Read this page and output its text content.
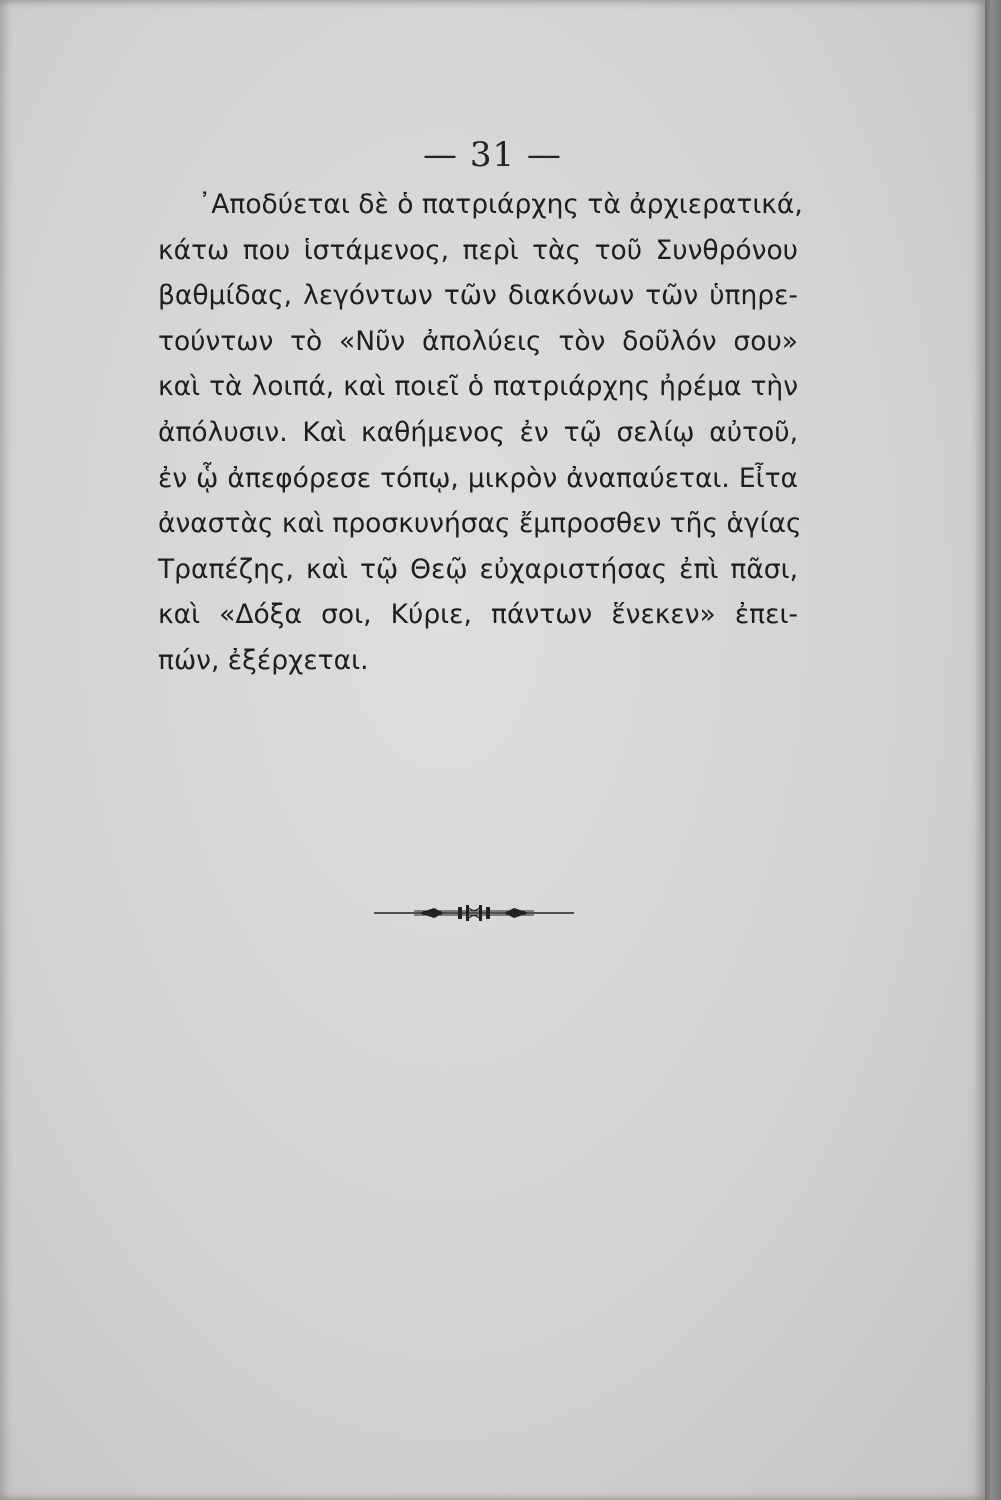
— 31 —
᾿Αποδύεται δὲ ὁ πατριάρχης τὰ ἀρχιερατικά,
κάτω που ἱστάμενος, περὶ τὰς τοῦ Συνθρόνου
βαθμίδας, λεγόντων τῶν διακόνων τῶν ὑπηρε-
τούντων τὸ «Νῦν ἀπολύεις τὸν δοῦλόν σου»
καὶ τὰ λοιπά, καὶ ποιεῖ ὁ πατριάρχης ἠρέμα τὴν
ἀπόλυσιν. Καὶ καθήμενος ἐν τῷ σελίῳ αὐτοῦ,
ἐν ᾧ ἀπεφόρεσε τόπῳ, μικρὸν ἀναπαύεται. Εἶτα
ἀναστὰς καὶ προσκυνήσας ἔμπροσθεν τῆς ἁγίας
Τραπέζης, καὶ τῷ Θεῷ εὐχαριστήσας ἐπὶ πᾶσι,
καὶ «Δόξα σοι, Κύριε, πάντων ἕνεκεν» ἐπει-
πών, ἐξέρχεται.
